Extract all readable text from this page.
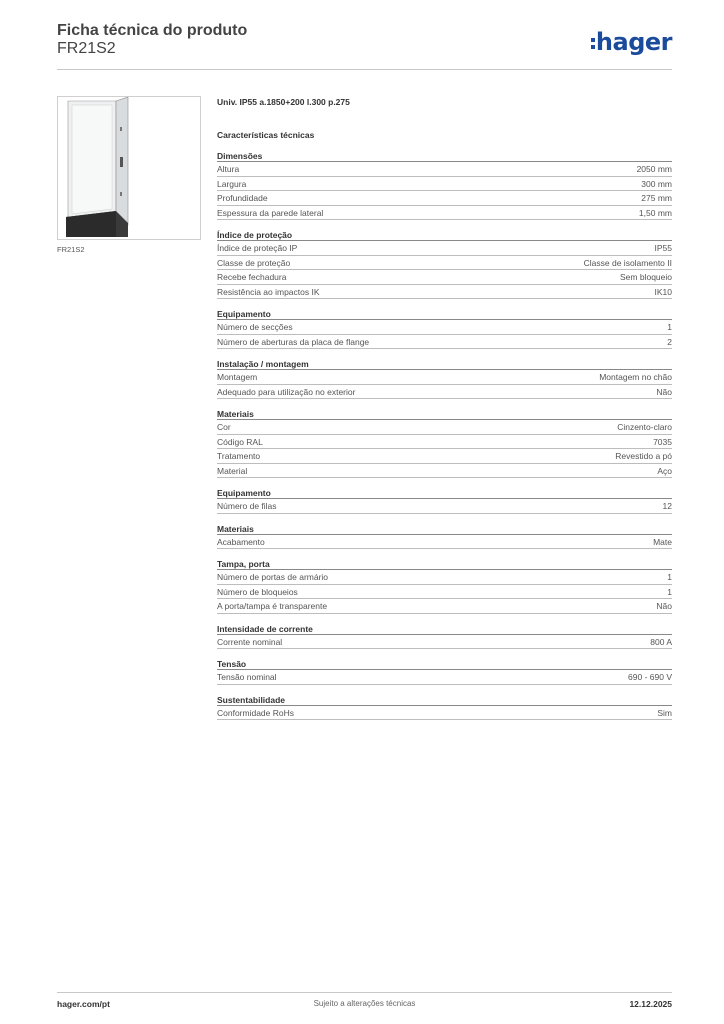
Ficha técnica do produto
FR21S2	hager
FR21S2
Univ. IP55 a.1850+200 l.300 p.275
Características técnicas
Dimensões
Altura	2050 mm
Largura	300 mm
Profundidade	275 mm
Espessura da parede lateral	1,50 mm
Índice de proteção
Índice de proteção IP	IP55
Classe de proteção	Classe de isolamento II
Recebe fechadura	Sem bloqueio
Resistência ao impactos IK	IK10
Equipamento
Número de secções	1
Número de aberturas da placa de flange	2
Instalação / montagem
Montagem	Montagem no chão
Adequado para utilização no exterior	Não
Materiais
Cor	Cinzento-claro
Código RAL	7035
Tratamento	Revestido a pó
Material	Aço
Equipamento
Número de filas	12
Materiais
Acabamento	Mate
Tampa, porta
Número de portas de armário	1
Número de bloqueios	1
A porta/tampa é transparente	Não
Intensidade de corrente
Corrente nominal	800 A
Tensão
Tensão nominal	690 - 690 V
Sustentabilidade
Conformidade RoHs	Sim
hager.com/pt	Sujeito a alterações técnicas	12.12.2025
